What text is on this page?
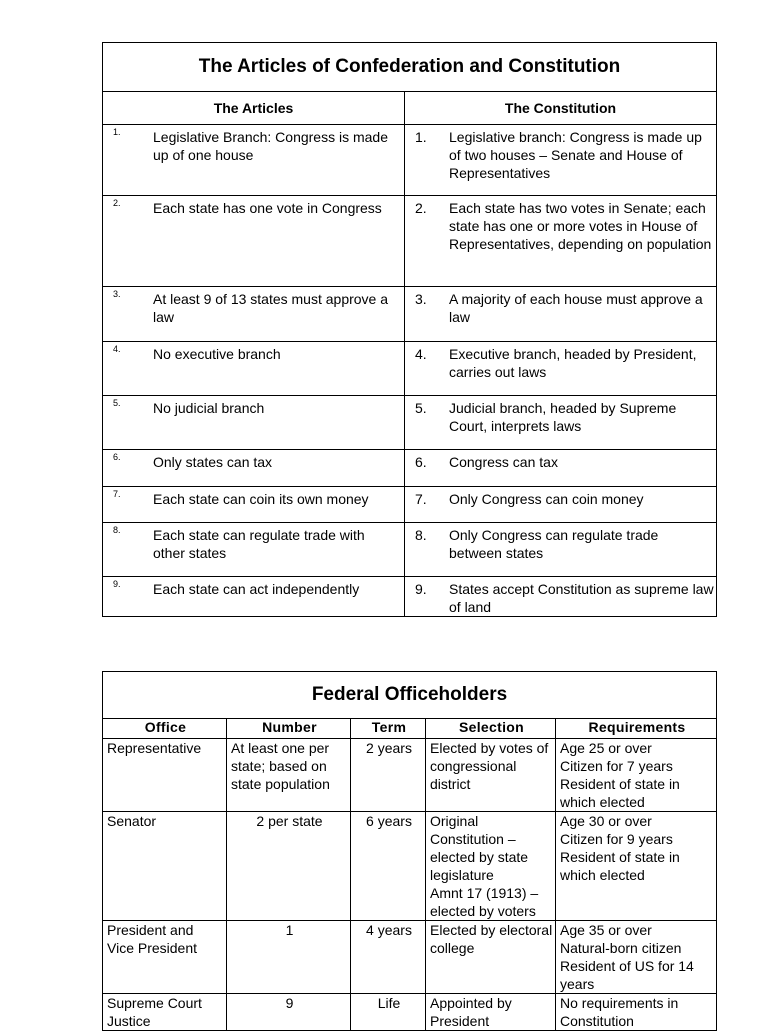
The Articles of Confederation and Constitution	
The Articles	The Constitution
1. Legislative Branch: Congress is made up of one house	1. Legislative branch: Congress is made up of two houses – Senate and House of Representatives
2. Each state has one vote in Congress	2. Each state has two votes in Senate; each state has one or more votes in House of Representatives, depending on population
3. At least 9 of 13 states must approve a law	3. A majority of each house must approve a law
4. No executive branch	4. Executive branch, headed by President, carries out laws
5. No judicial branch	5. Judicial branch, headed by Supreme Court, interprets laws
6. Only states can tax	6. Congress can tax
7. Each state can coin its own money	7. Only Congress can coin money
8. Each state can regulate trade with other states	8. Only Congress can regulate trade between states
9. Each state can act independently	9. States accept Constitution as supreme law of land
Federal Officeholders				
Office	Number	Term	Selection	Requirements
Representative	At least one per state; based on state population	2 years	Elected by votes of congressional district	Age 25 or over
Citizen for 7 years
Resident of state in which elected

Senator	2 per state	6 years	Original Constitution – elected by state legislature
Amnt 17 (1913) – elected by voters	Age 30 or over
Citizen for 9 years
Resident of state in which elected

President and Vice President	1	4 years	Elected by electoral college	Age 35 or over
Natural-born citizen
Resident of US for 14 years

Supreme Court Justice	9	Life	Appointed by President	No requirements in Constitution
